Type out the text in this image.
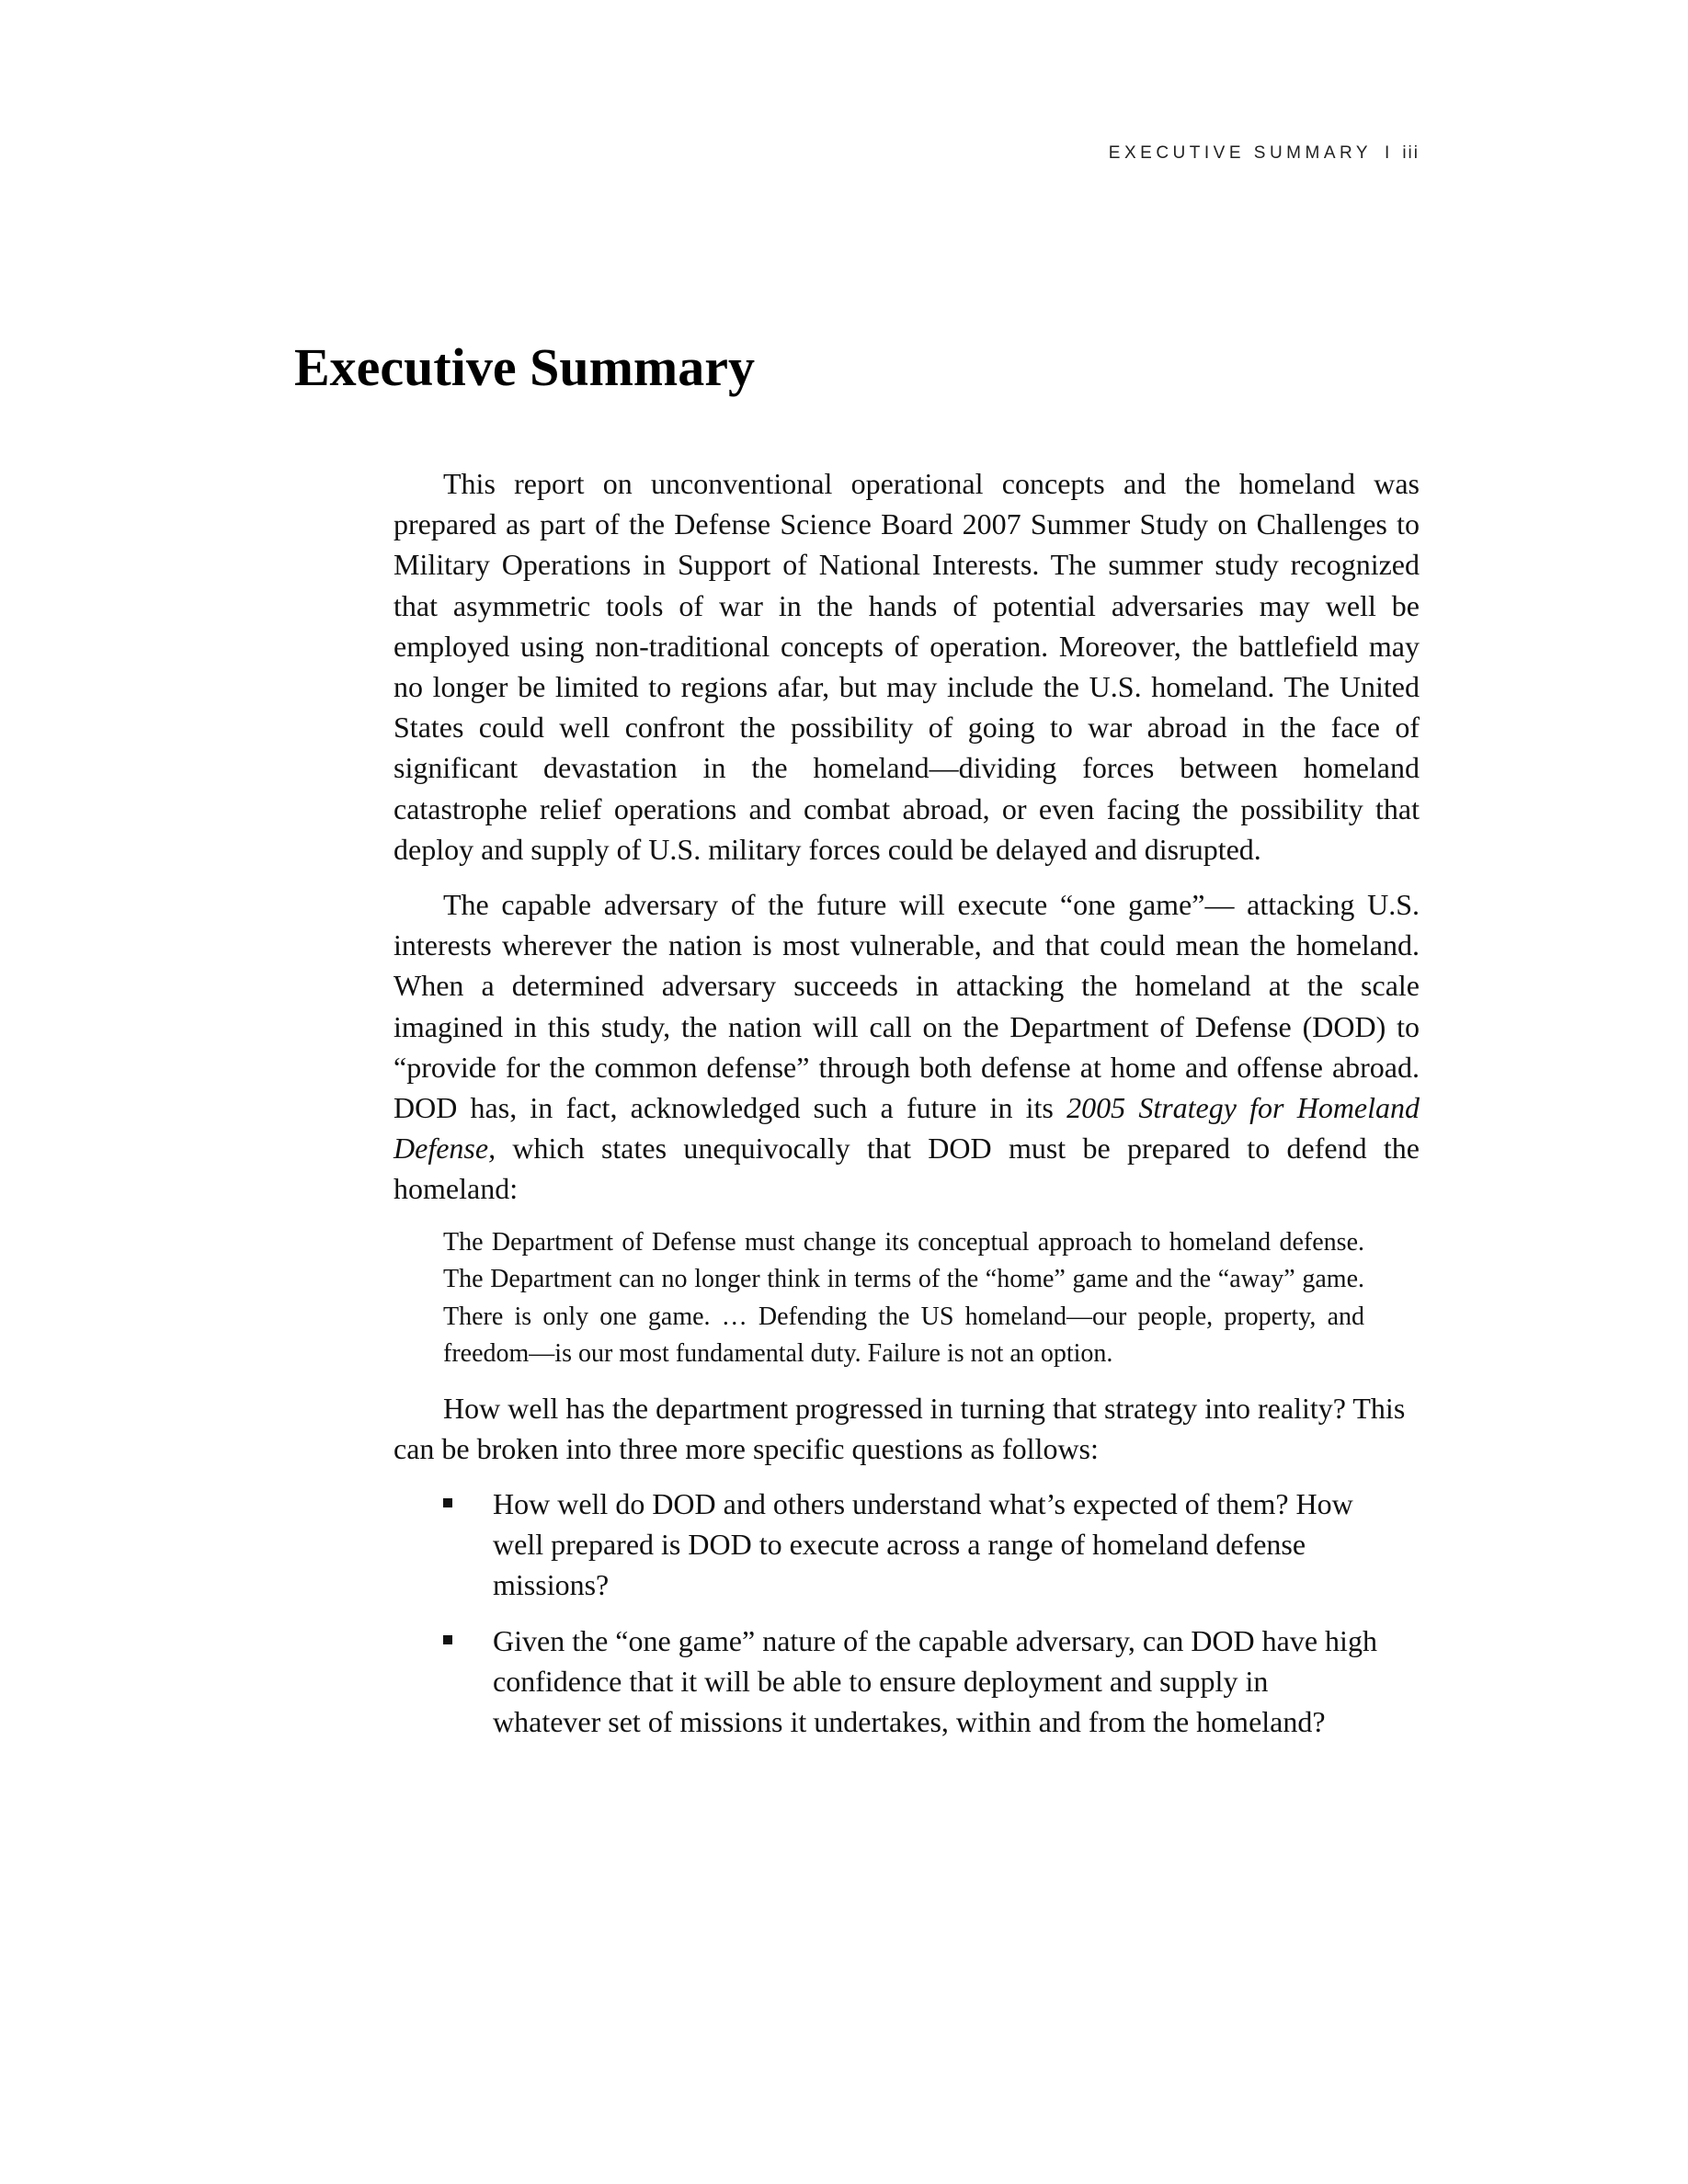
EXECUTIVE SUMMARY I iii
Executive Summary

This report on unconventional operational concepts and the homeland was prepared as part of the Defense Science Board 2007 Summer Study on Challenges to Military Operations in Support of National Interests. The summer study recognized that asymmetric tools of war in the hands of potential adversaries may well be employed using non-traditional concepts of operation. Moreover, the battlefield may no longer be limited to regions afar, but may include the U.S. homeland. The United States could well confront the possibility of going to war abroad in the face of significant devastation in the homeland—dividing forces between homeland catastrophe relief operations and combat abroad, or even facing the possibility that deploy and supply of U.S. military forces could be delayed and disrupted.

The capable adversary of the future will execute “one game”— attacking U.S. interests wherever the nation is most vulnerable, and that could mean the homeland. When a determined adversary succeeds in attacking the homeland at the scale imagined in this study, the nation will call on the Department of Defense (DOD) to “provide for the common defense” through both defense at home and offense abroad. DOD has, in fact, acknowledged such a future in its 2005 Strategy for Homeland Defense, which states unequivocally that DOD must be prepared to defend the homeland:

The Department of Defense must change its conceptual approach to homeland defense. The Department can no longer think in terms of the “home” game and the “away” game. There is only one game. … Defending the US homeland—our people, property, and freedom—is our most fundamental duty. Failure is not an option.

How well has the department progressed in turning that strategy into reality? This can be broken into three more specific questions as follows:

How well do DOD and others understand what’s expected of them? How well prepared is DOD to execute across a range of homeland defense missions?
Given the “one game” nature of the capable adversary, can DOD have high confidence that it will be able to ensure deployment and supply in whatever set of missions it undertakes, within and from the homeland?
